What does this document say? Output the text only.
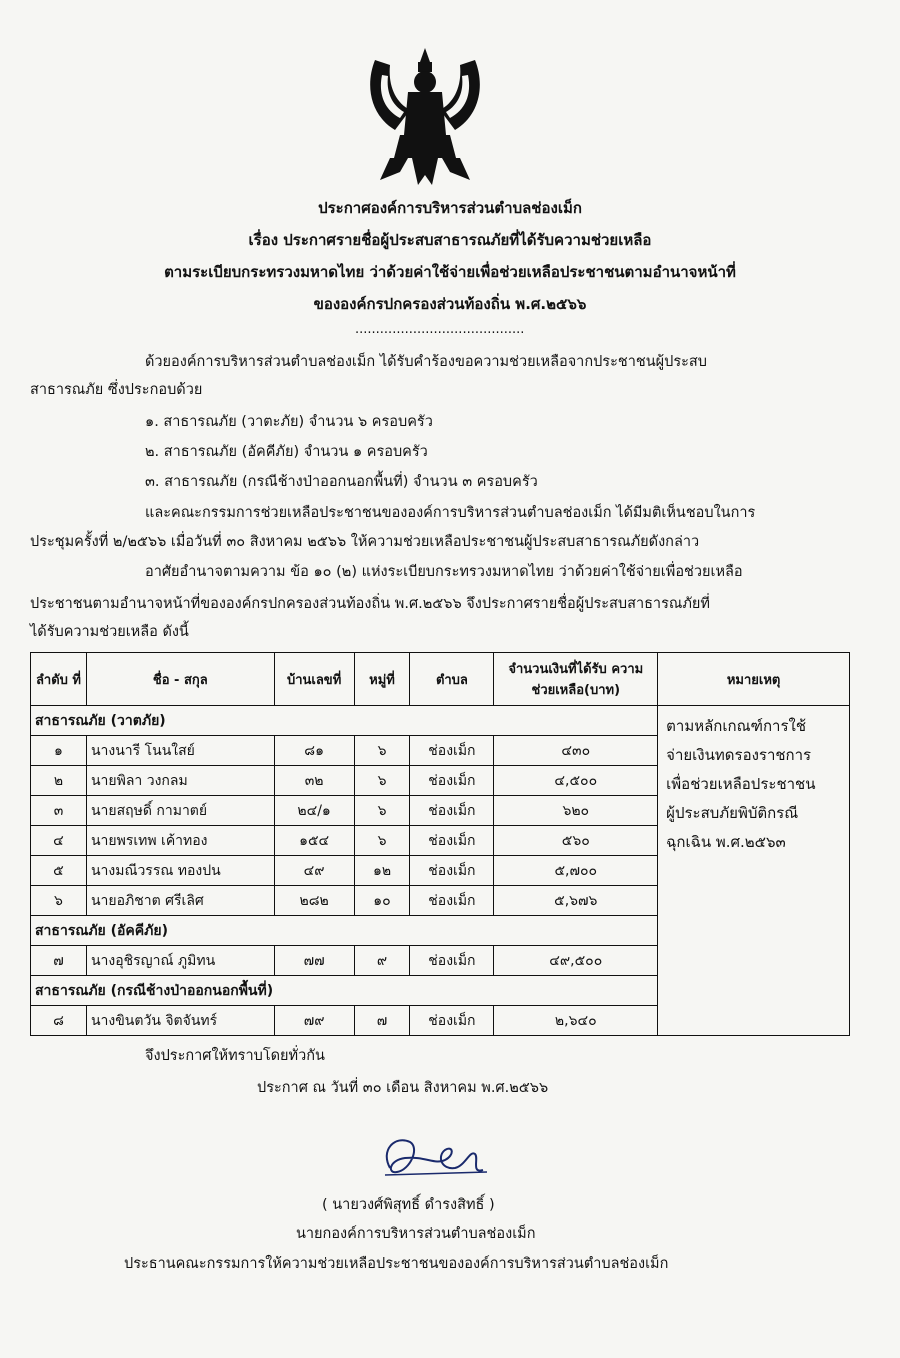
ประกาศองค์การบริหารส่วนตำบลช่องเม็ก
เรื่อง ประกาศรายชื่อผู้ประสบสาธารณภัยที่ได้รับความช่วยเหลือ
ตามระเบียบกระทรวงมหาดไทย ว่าด้วยค่าใช้จ่ายเพื่อช่วยเหลือประชาชนตามอำนาจหน้าที่
ขององค์กรปกครองส่วนท้องถิ่น พ.ศ.๒๕๖๖
.........................................
ด้วยองค์การบริหารส่วนตำบลช่องเม็ก ได้รับคำร้องขอความช่วยเหลือจากประชาชนผู้ประสบ
สาธารณภัย ซึ่งประกอบด้วย
๑. สาธารณภัย (วาตะภัย) จำนวน ๖ ครอบครัว
๒. สาธารณภัย (อัคคีภัย) จำนวน ๑ ครอบครัว
๓. สาธารณภัย (กรณีช้างป่าออกนอกพื้นที่) จำนวน ๓ ครอบครัว
และคณะกรรมการช่วยเหลือประชาชนขององค์การบริหารส่วนตำบลช่องเม็ก ได้มีมติเห็นชอบในการ
ประชุมครั้งที่ ๒/๒๕๖๖ เมื่อวันที่ ๓๐ สิงหาคม ๒๕๖๖ ให้ความช่วยเหลือประชาชนผู้ประสบสาธารณภัยดังกล่าว
อาศัยอำนาจตามความ ข้อ ๑๐ (๒) แห่งระเบียบกระทรวงมหาดไทย ว่าด้วยค่าใช้จ่ายเพื่อช่วยเหลือ
ประชาชนตามอำนาจหน้าที่ขององค์กรปกครองส่วนท้องถิ่น พ.ศ.๒๕๖๖ จึงประกาศรายชื่อผู้ประสบสาธารณภัยที่
ได้รับความช่วยเหลือ ดังนี้
ลำดับ ที่	ชื่อ - สกุล	บ้านเลขที่	หมู่ที่	ตำบล	จำนวนเงินที่ได้รับ ความช่วยเหลือ(บาท)	หมายเหตุ
สาธารณภัย (วาตภัย)						ตามหลักเกณฑ์การใช้
จ่ายเงินทดรองราชการ
เพื่อช่วยเหลือประชาชน
ผู้ประสบภัยพิบัติกรณี
ฉุกเฉิน พ.ศ.๒๕๖๓

๑	นางนารี โนนใสย์	๘๑	๖	ช่องเม็ก	๔๓๐	
๒	นายพิลา วงกลม	๓๒	๖	ช่องเม็ก	๔,๕๐๐	
๓	นายสฤษดิ์ กามาตย์	๒๔/๑	๖	ช่องเม็ก	๖๒๐	
๔	นายพรเทพ เค้าทอง	๑๕๔	๖	ช่องเม็ก	๕๖๐	
๕	นางมณีวรรณ ทองปน	๔๙	๑๒	ช่องเม็ก	๕,๗๐๐	
๖	นายอภิชาต ศรีเลิศ	๒๘๒	๑๐	ช่องเม็ก	๕,๖๗๖	
สาธารณภัย (อัคคีภัย)						
๗	นางอุชิรญาณ์ ภูมิทน	๗๗	๙	ช่องเม็ก	๔๙,๕๐๐	
สาธารณภัย (กรณีช้างป่าออกนอกพื้นที่)						
๘	นางขินตวัน จิตจันทร์	๗๙	๗	ช่องเม็ก	๒,๖๔๐	
จึงประกาศให้ทราบโดยทั่วกัน
ประกาศ ณ วันที่ ๓๐ เดือน สิงหาคม พ.ศ.๒๕๖๖
( นายวงศ์พิสุทธิ์ ดำรงสิทธิ์ )
นายกองค์การบริหารส่วนตำบลช่องเม็ก
ประธานคณะกรรมการให้ความช่วยเหลือประชาชนขององค์การบริหารส่วนตำบลช่องเม็ก
